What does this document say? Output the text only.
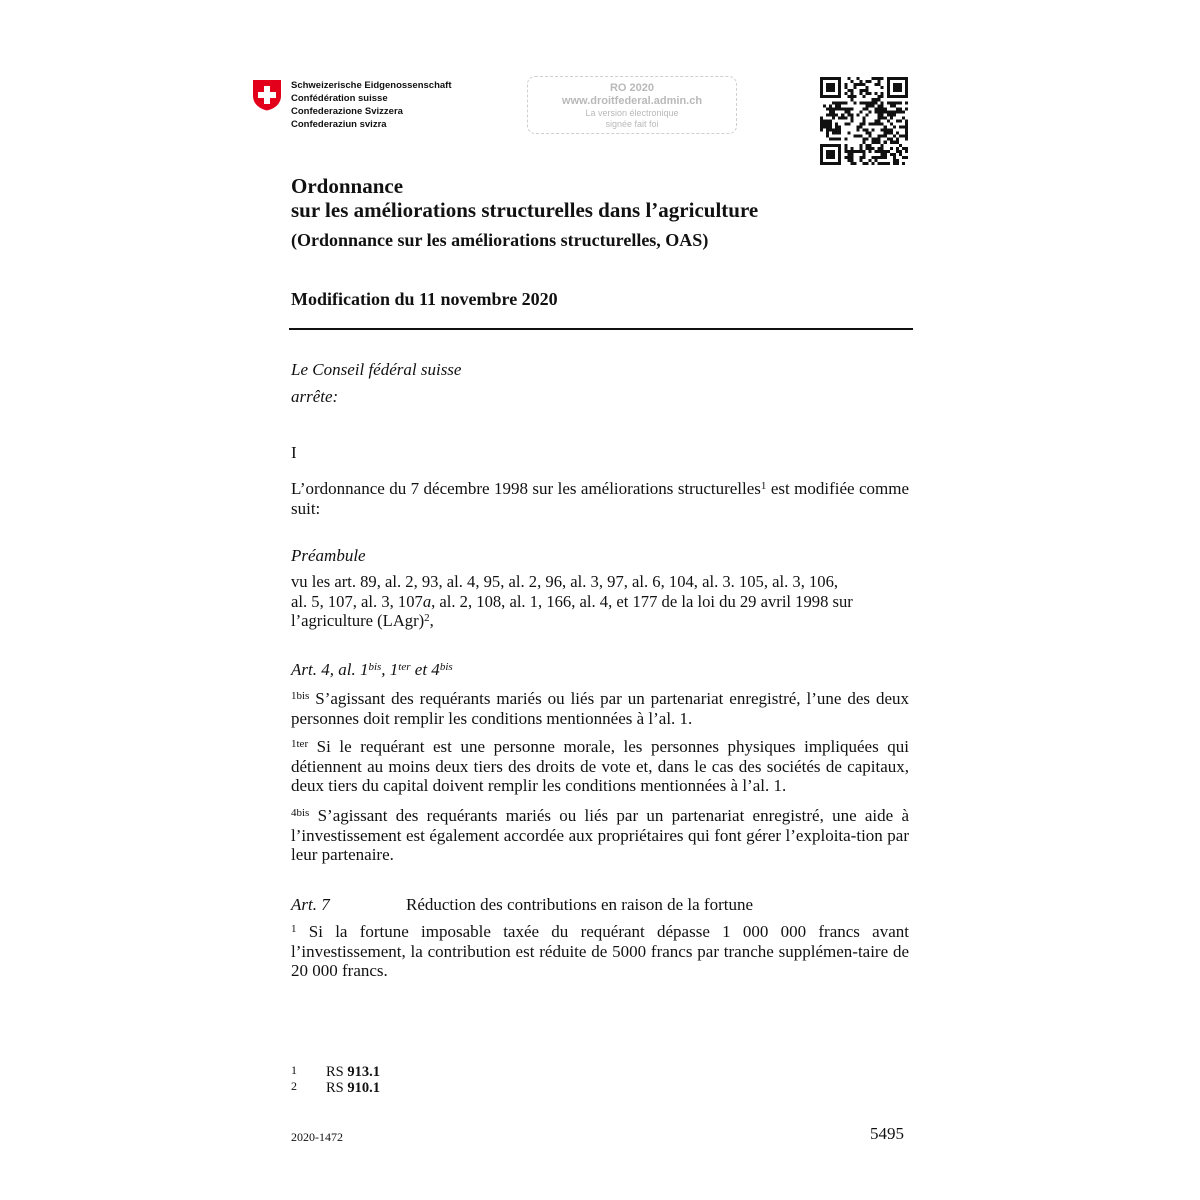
Schweizerische Eidgenossenschaft
Confédération suisse
Confederazione Svizzera
Confederaziun svizra
RO 2020
www.droitfederal.admin.ch
La version électronique
signée fait foi
Ordonnance
sur les améliorations structurelles dans l’agriculture
(Ordonnance sur les améliorations structurelles, OAS)
Modification du 11 novembre 2020
Le Conseil fédéral suisse
arrête:
I
L’ordonnance du 7 décembre 1998 sur les améliorations structurelles$^1$ est modifiée comme suit:
Préambule
vu les art. 89, al. 2, 93, al. 4, 95, al. 2, 96, al. 3, 97, al. 6, 104, al. 3. 105, al. 3, 106,
al. 5, 107, al. 3, 107a, al. 2, 108, al. 1, 166, al. 4, et 177 de la loi du 29 avril 1998 sur
l’agriculture (LAgr)$^2$,
Art. 4, al. $1^{bis}$, $1^{ter}$ et $4^{bis}$
$^{1bis}$ S’agissant des requérants mariés ou liés par un partenariat enregistré, l’une des deux personnes doit remplir les conditions mentionnées à l’al. 1.
$^{1ter}$ Si le requérant est une personne morale, les personnes physiques impliquées qui détiennent au moins deux tiers des droits de vote et, dans le cas des sociétés de capitaux, deux tiers du capital doivent remplir les conditions mentionnées à l’al. 1.
$^{4bis}$ S’agissant des requérants mariés ou liés par un partenariat enregistré, une aide à l’investissement est également accordée aux propriétaires qui font gérer l’exploita-tion par leur partenaire.
Art. 7	Réduction des contributions en raison de la fortune
$^1$ Si la fortune imposable taxée du requérant dépasse 1 000 000 francs avant l’investissement, la contribution est réduite de 5000 francs par tranche supplémen-taire de 20 000 francs.
1 RS 913.1
2 RS 910.1
2020-1472	5495
